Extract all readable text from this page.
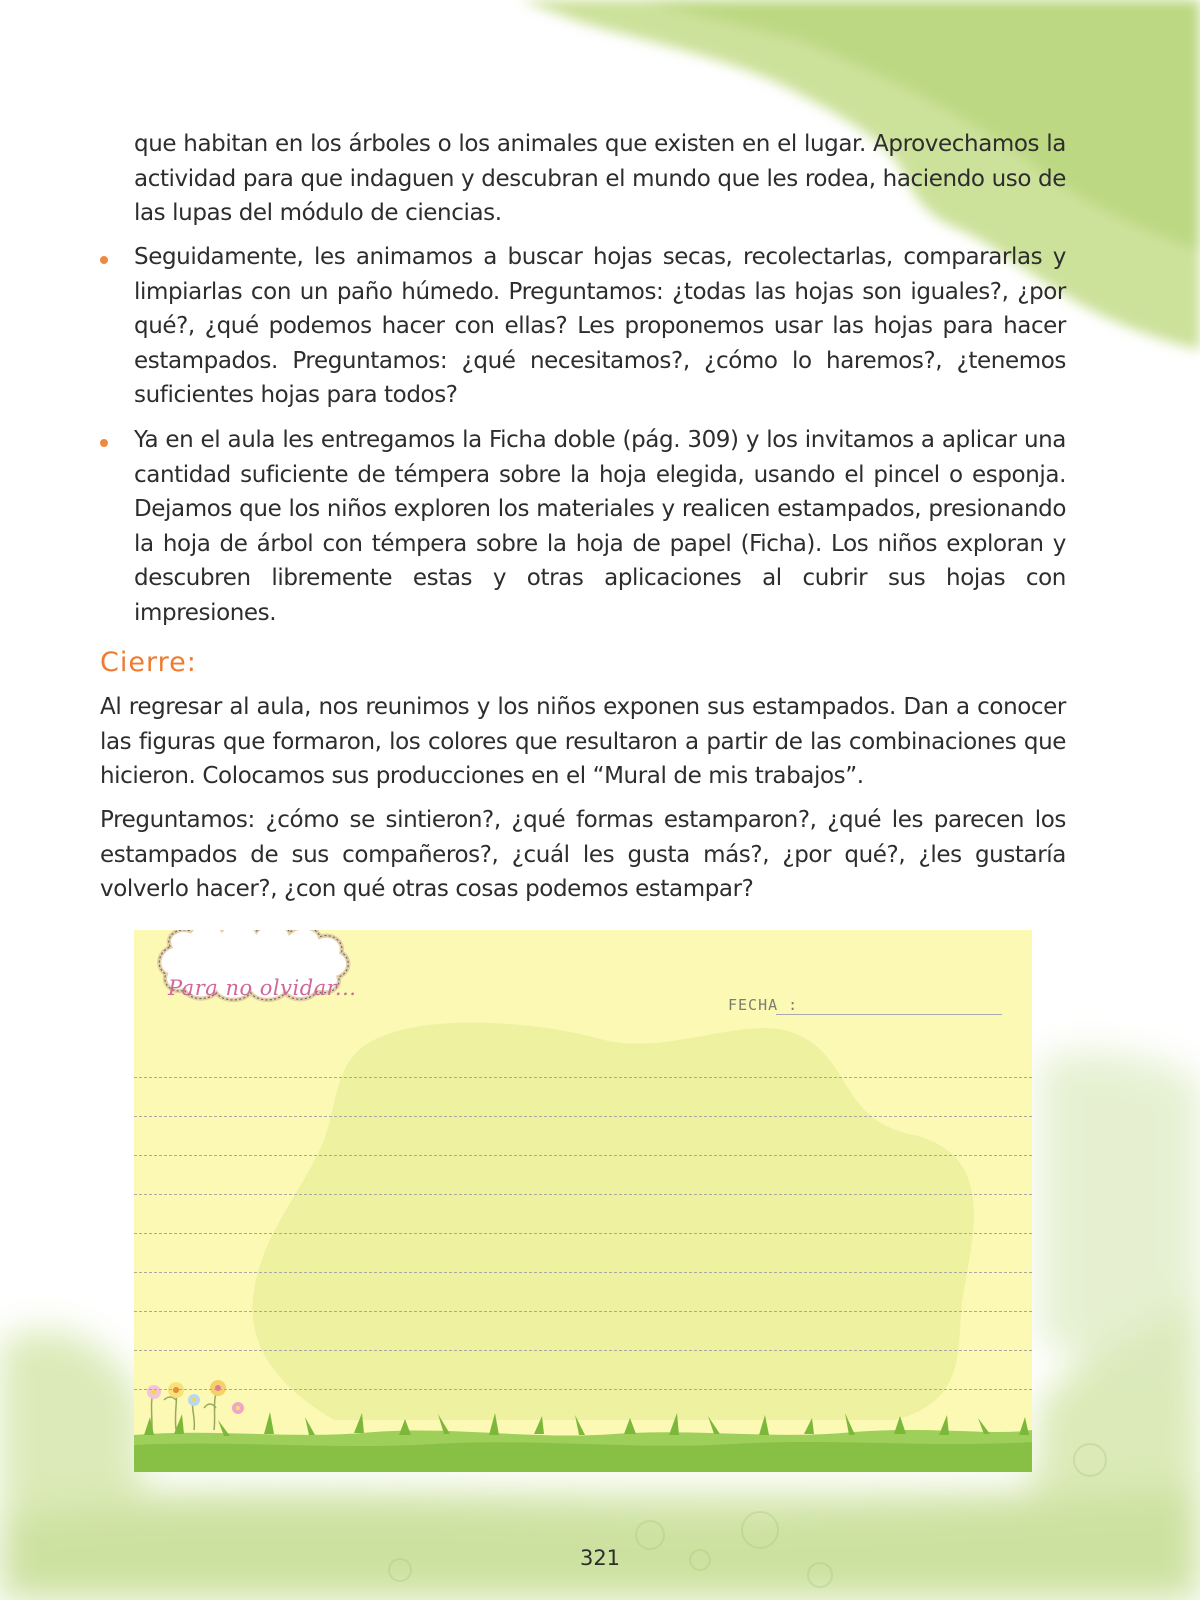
que habitan en los árboles o los animales que existen en el lugar. Aprovechamos la actividad para que indaguen y descubran el mundo que les rodea, haciendo uso de las lupas del módulo de ciencias.

Seguidamente, les animamos a buscar hojas secas, recolectarlas, compararlas y limpiarlas con un paño húmedo. Preguntamos: ¿todas las hojas son iguales?, ¿por qué?, ¿qué podemos hacer con ellas? Les proponemos usar las hojas para hacer estampados. Preguntamos: ¿qué necesitamos?, ¿cómo lo haremos?, ¿tenemos suficientes hojas para todos?

Ya en el aula les entregamos la Ficha doble (pág. 309) y los invitamos a aplicar una cantidad suficiente de témpera sobre la hoja elegida, usando el pincel o esponja. Dejamos que los niños exploren los materiales y realicen estampados, presionando la hoja de árbol con témpera sobre la hoja de papel (Ficha). Los niños exploran y descubren libremente estas y otras aplicaciones al cubrir sus hojas con impresiones.

Cierre:

Al regresar al aula, nos reunimos y los niños exponen sus estampados. Dan a conocer las figuras que formaron, los colores que resultaron a partir de las combinaciones que hicieron. Colocamos sus producciones en el “Mural de mis trabajos”.

Preguntamos: ¿cómo se sintieron?, ¿qué formas estamparon?, ¿qué les parecen los estampados de sus compañeros?, ¿cuál les gusta más?, ¿por qué?, ¿les gustaría volverlo hacer?, ¿con qué otras cosas podemos estampar?

Para no olvidar...
FECHA :
321
